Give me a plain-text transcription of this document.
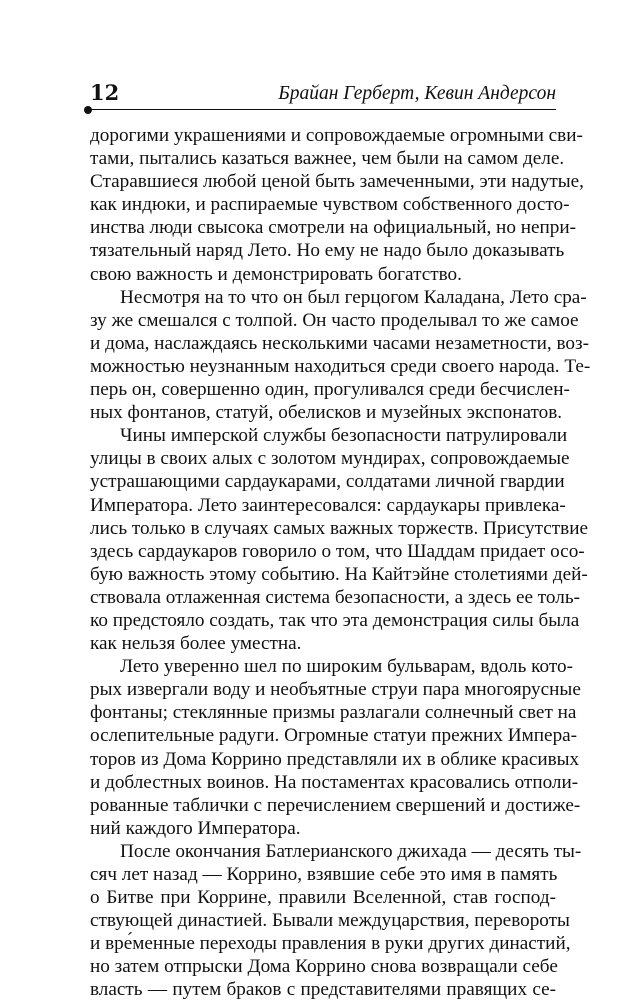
12	Брайан Герберт, Кевин Андерсон
дорогими украшениями и сопровождаемые огромными сви-
тами, пытались казаться важнее, чем были на самом деле.
Старавшиеся любой ценой быть замеченными, эти надутые,
как индюки, и распираемые чувством собственного досто-
инства люди свысока смотрели на официальный, но непри-
тязательный наряд Лето. Но ему не надо было доказывать
свою важность и демонстрировать богатство.
Несмотря на то что он был герцогом Каладана, Лето сра-
зу же смешался с толпой. Он часто проделывал то же самое
и дома, наслаждаясь несколькими часами незаметности, воз-
можностью неузнанным находиться среди своего народа. Те-
перь он, совершенно один, прогуливался среди бесчислен-
ных фонтанов, статуй, обелисков и музейных экспонатов.
Чины имперской службы безопасности патрулировали
улицы в своих алых с золотом мундирах, сопровождаемые
устрашающими сардаукарами, солдатами личной гвардии
Императора. Лето заинтересовался: сардаукары привлека-
лись только в случаях самых важных торжеств. Присутствие
здесь сардаукаров говорило о том, что Шаддам придает осо-
бую важность этому событию. На Кайтэйне столетиями дей-
ствовала отлаженная система безопасности, а здесь ее толь-
ко предстояло создать, так что эта демонстрация силы была
как нельзя более уместна.
Лето уверенно шел по широким бульварам, вдоль кото-
рых извергали воду и необъятные струи пара многоярусные
фонтаны; стеклянные призмы разлагали солнечный свет на
ослепительные радуги. Огромные статуи прежних Импера-
торов из Дома Коррино представляли их в облике красивых
и доблестных воинов. На постаментах красовались отполи-
рованные таблички с перечислением свершений и достиже-
ний каждого Императора.
После окончания Батлерианского джихада — десять ты-
сяч лет назад — Коррино, взявшие себе это имя в память
о Битве при Коррине, правили Вселенной, став господ-
ствующей династией. Бывали междуцарствия, перевороты
и вре́менные переходы правления в руки других династий,
но затем отпрыски Дома Коррино снова возвращали себе
власть — путем браков с представителями правящих се-
